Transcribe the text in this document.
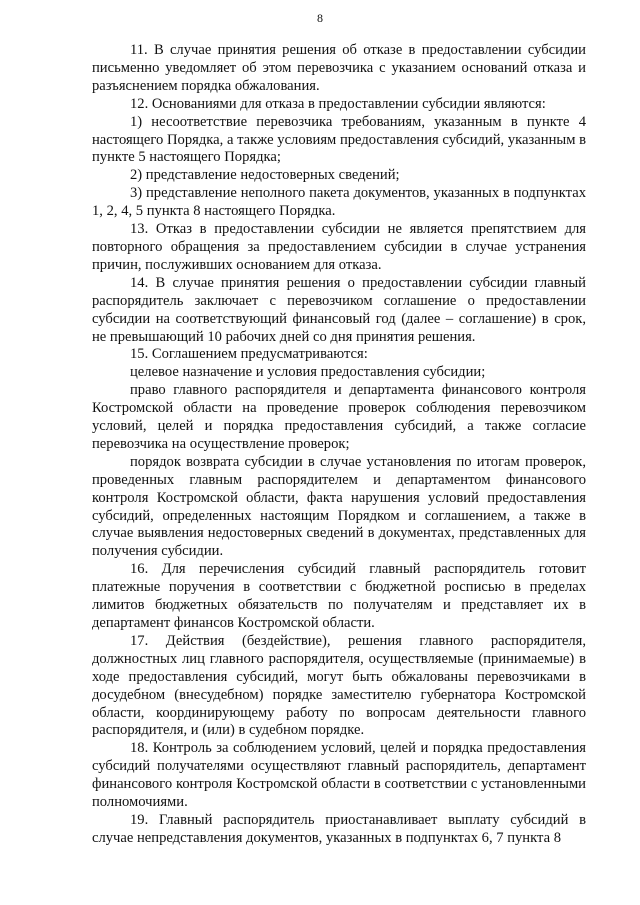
8

11. В случае принятия решения об отказе в предоставлении субсидии письменно уведомляет об этом перевозчика с указанием оснований отказа и разъяснением порядка обжалования.

12. Основаниями для отказа в предоставлении субсидии являются:

1) несоответствие перевозчика требованиям, указанным в пункте 4 настоящего Порядка, а также условиям предоставления субсидий, указанным в пункте 5 настоящего Порядка;

2) представление недостоверных сведений;

3) представление неполного пакета документов, указанных в подпунктах 1, 2, 4, 5 пункта 8 настоящего Порядка.

13. Отказ в предоставлении субсидии не является препятствием для повторного обращения за предоставлением субсидии в случае устранения причин, послуживших основанием для отказа.

14. В случае принятия решения о предоставлении субсидии главный распорядитель заключает с перевозчиком соглашение о предоставлении субсидии на соответствующий финансовый год (далее – соглашение) в срок, не превышающий 10 рабочих дней со дня принятия решения.

15. Соглашением предусматриваются:

целевое назначение и условия предоставления субсидии;

право главного распорядителя и департамента финансового контроля Костромской области на проведение проверок соблюдения перевозчиком условий, целей и порядка предоставления субсидий, а также согласие перевозчика на осуществление проверок;

порядок возврата субсидии в случае установления по итогам проверок, проведенных главным распорядителем и департаментом финансового контроля Костромской области, факта нарушения условий предоставления субсидий, определенных настоящим Порядком и соглашением, а также в случае выявления недостоверных сведений в документах, представленных для получения субсидии.

16. Для перечисления субсидий главный распорядитель готовит платежные поручения в соответствии с бюджетной росписью в пределах лимитов бюджетных обязательств по получателям и представляет их в департамент финансов Костромской области.

17. Действия (бездействие), решения главного распорядителя, должностных лиц главного распорядителя, осуществляемые (принимаемые) в ходе предоставления субсидий, могут быть обжалованы перевозчиками в досудебном (внесудебном) порядке заместителю губернатора Костромской области, координирующему работу по вопросам деятельности главного распорядителя, и (или) в судебном порядке.

18. Контроль за соблюдением условий, целей и порядка предоставления субсидий получателями осуществляют главный распорядитель, департамент финансового контроля Костромской области в соответствии с установленными полномочиями.

19. Главный распорядитель приостанавливает выплату субсидий в случае непредставления документов, указанных в подпунктах 6, 7 пункта 8
